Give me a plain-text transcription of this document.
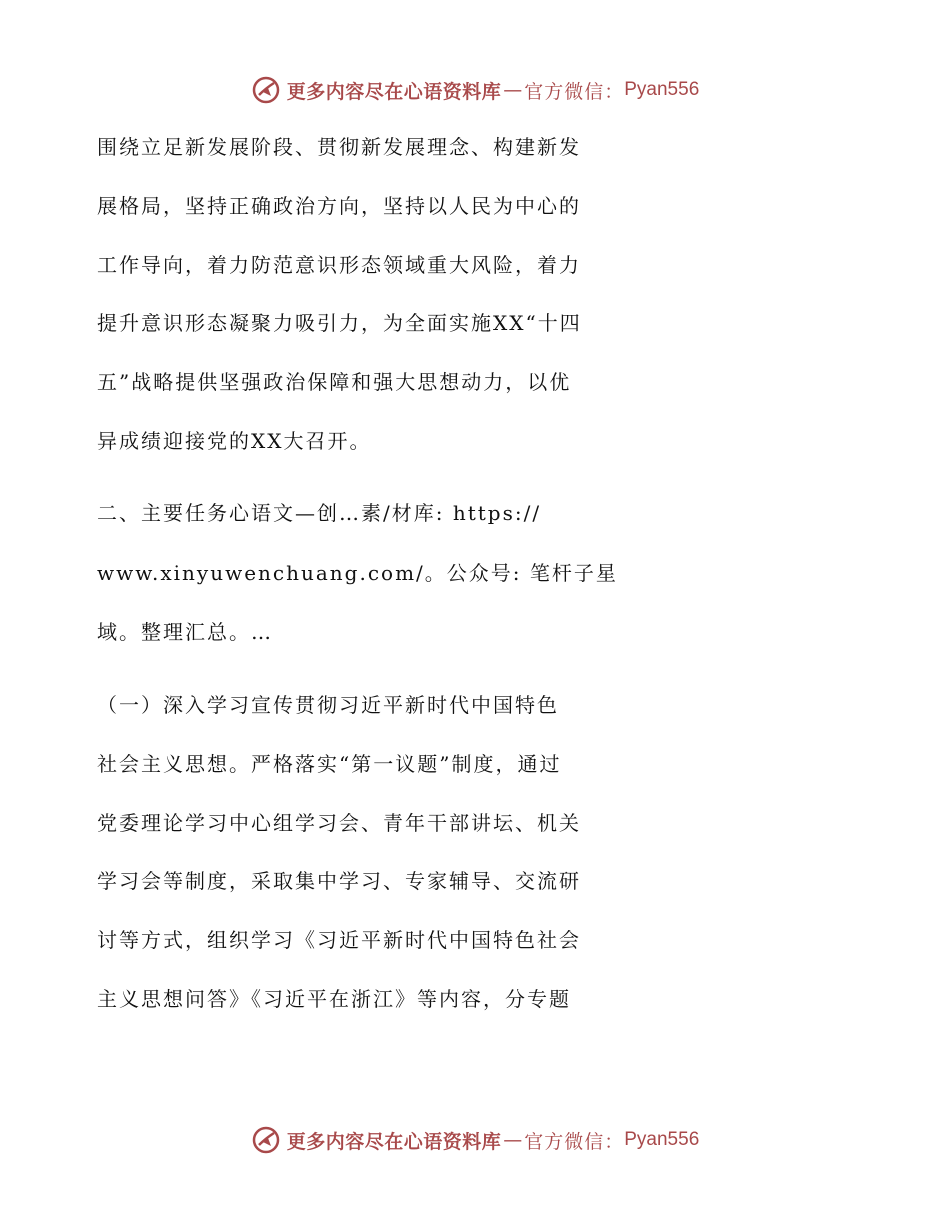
更多内容尽在心语资料库 — 官方微信： Pyan556
围绕立足新发展阶段、贯彻新发展理念、构建新发
展格局，坚持正确政治方向，坚持以人民为中心的
工作导向，着力防范意识形态领域重大风险，着力
提升意识形态凝聚力吸引力，为全面实施XX“十四
五”战略提供坚强政治保障和强大思想动力，以优
异成绩迎接党的XX大召开。
二、主要任务心语文—创…素/材库: https://
www.xinyuwenchuang.com/。公众号: 笔杆子星
域。整理汇总。…
（一）深入学习宣传贯彻习近平新时代中国特色
社会主义思想。严格落实“第一议题”制度，通过
党委理论学习中心组学习会、青年干部讲坛、机关
学习会等制度，采取集中学习、专家辅导、交流研
讨等方式，组织学习《习近平新时代中国特色社会
主义思想问答》《习近平在浙江》等内容，分专题
更多内容尽在心语资料库 — 官方微信： Pyan556
